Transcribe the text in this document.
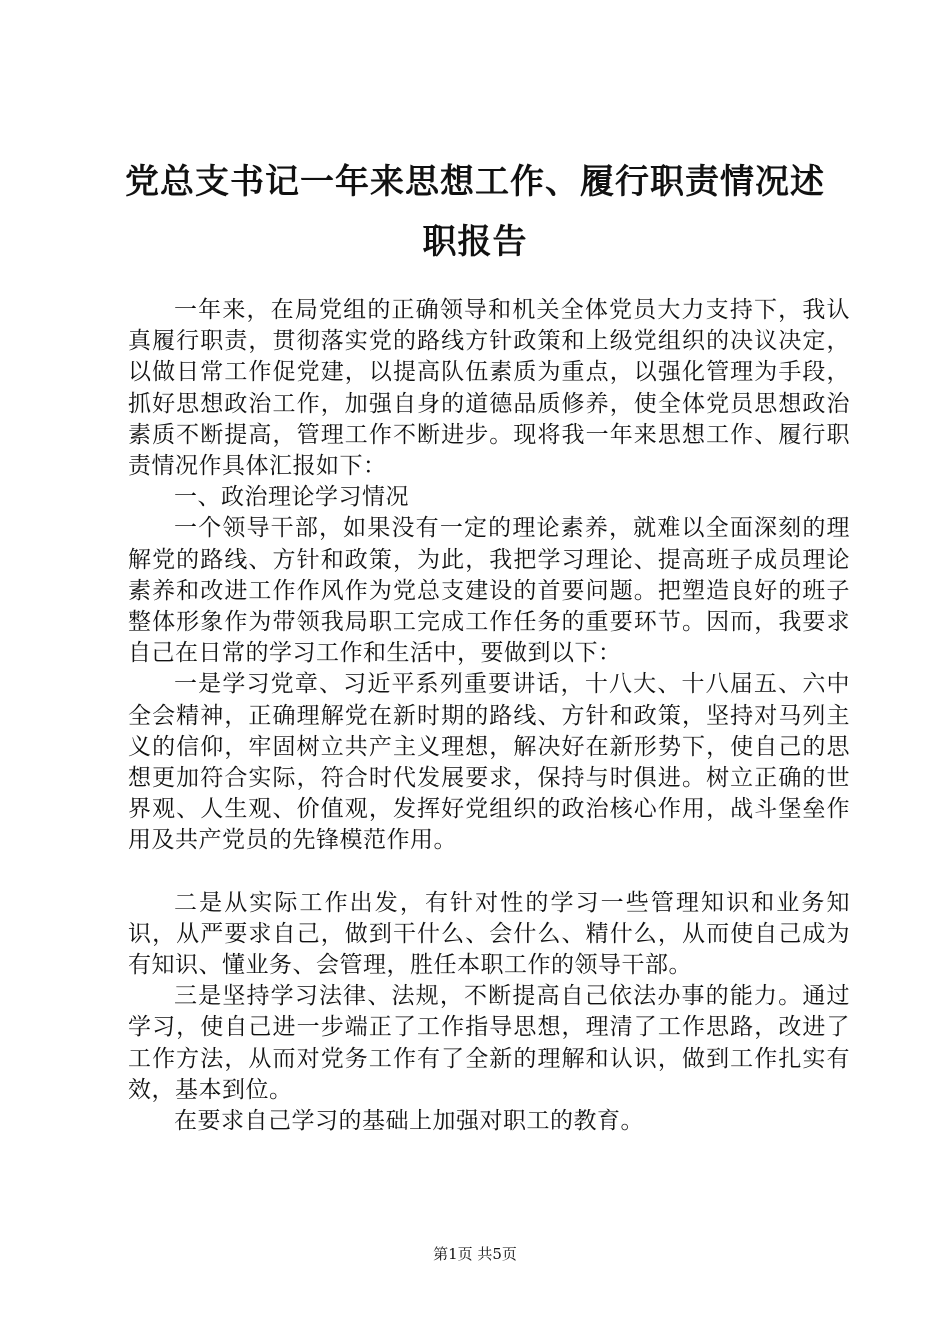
党总支书记一年来思想工作、履行职责情况述
职报告

一年来，在局党组的正确领导和机关全体党员大力支持下，我认真履行职责，贯彻落实党的路线方针政策和上级党组织的决议决定，以做日常工作促党建，以提高队伍素质为重点，以强化管理为手段，抓好思想政治工作，加强自身的道德品质修养，使全体党员思想政治素质不断提高，管理工作不断进步。现将我一年来思想工作、履行职责情况作具体汇报如下：

一、政治理论学习情况

一个领导干部，如果没有一定的理论素养，就难以全面深刻的理解党的路线、方针和政策，为此，我把学习理论、提高班子成员理论素养和改进工作作风作为党总支建设的首要问题。把塑造良好的班子整体形象作为带领我局职工完成工作任务的重要环节。因而，我要求自己在日常的学习工作和生活中，要做到以下：

一是学习党章、习近平系列重要讲话，十八大、十八届五、六中全会精神，正确理解党在新时期的路线、方针和政策，坚持对马列主义的信仰，牢固树立共产主义理想，解决好在新形势下，使自己的思想更加符合实际，符合时代发展要求，保持与时俱进。树立正确的世界观、人生观、价值观，发挥好党组织的政治核心作用，战斗堡垒作用及共产党员的先锋模范作用。

二是从实际工作出发，有针对性的学习一些管理知识和业务知识，从严要求自己，做到干什么、会什么、精什么，从而使自己成为有知识、懂业务、会管理，胜任本职工作的领导干部。

三是坚持学习法律、法规，不断提高自己依法办事的能力。通过学习，使自己进一步端正了工作指导思想，理清了工作思路，改进了工作方法，从而对党务工作有了全新的理解和认识，做到工作扎实有效，基本到位。

在要求自己学习的基础上加强对职工的教育。

第1页 共5页
